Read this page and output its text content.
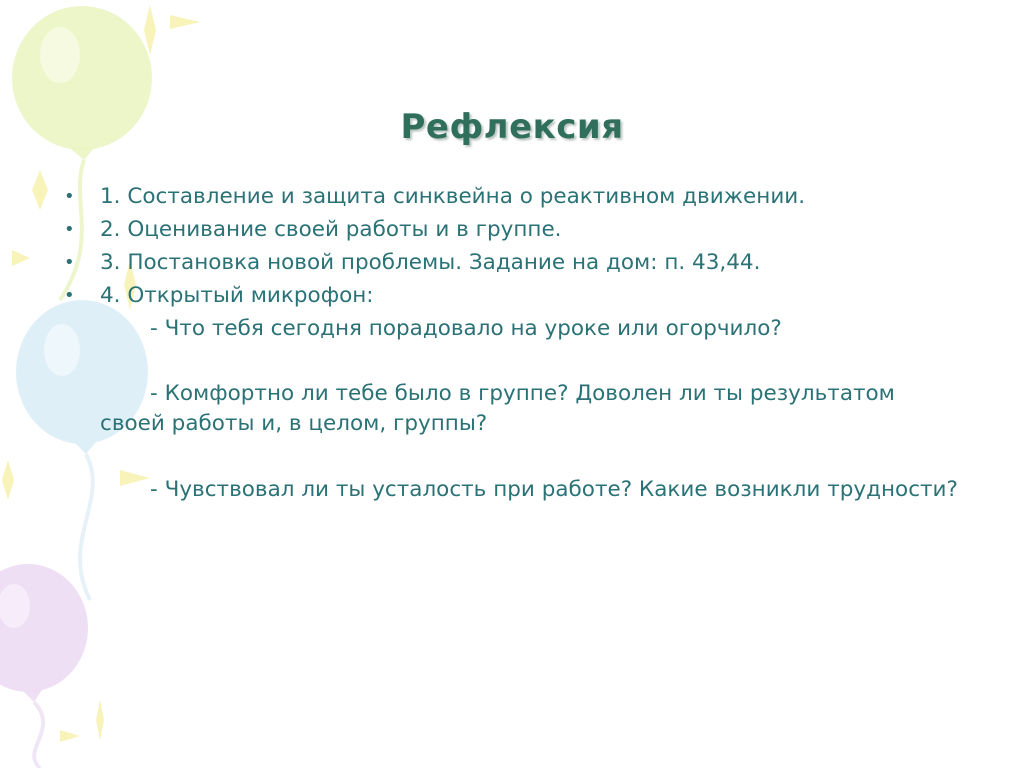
Рефлексия
• 1. Составление и защита синквейна о реактивном движении.
• 2. Оценивание своей работы и в группе.
• 3. Постановка новой проблемы. Задание на дом: п. 43,44.
• 4. Открытый микрофон:
- Что тебя сегодня порадовало на уроке или огорчило?
- Комфортно ли тебе было в группе? Доволен ли ты результатом своей работы и, в целом, группы?
- Чувствовал ли ты усталость при работе? Какие возникли трудности?
